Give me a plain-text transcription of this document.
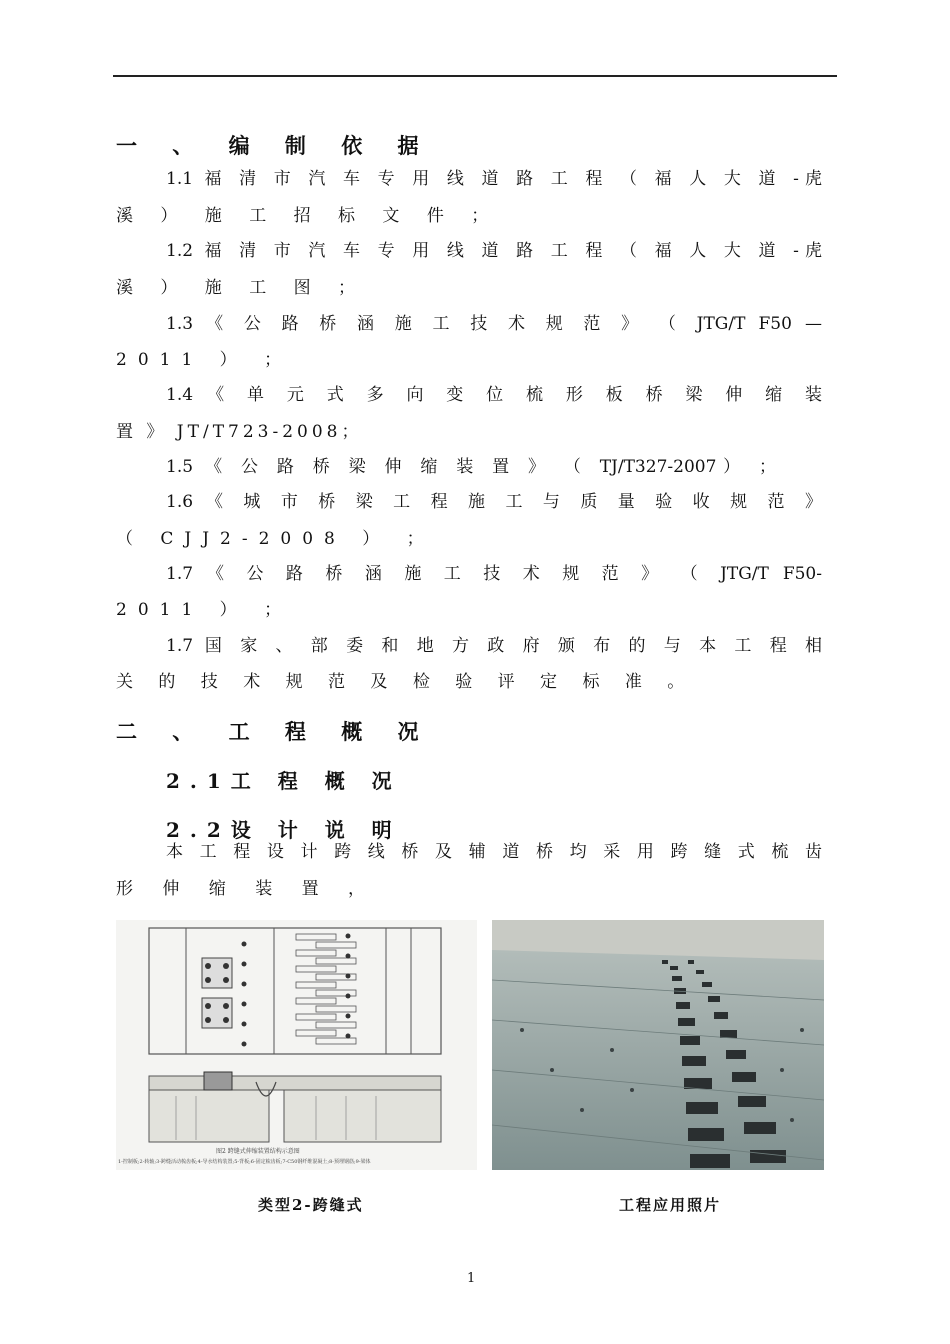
一 、 编 制 依 据
1.1 福 清 市 汽 车 专 用 线 道 路 工 程 （ 福 人 大 道 -虎
溪 ） 施 工 招 标 文 件 ；
1.2 福 清 市 汽 车 专 用 线 道 路 工 程 （ 福 人 大 道 -虎
溪 ） 施 工 图 ；
1.3 《 公 路 桥 涵 施 工 技 术 规 范 》 （ JTG/T F50 —
2011 ） ；
1.4 《 单 元 式 多 向 变 位 梳 形 板 桥 梁 伸 缩 装
置 》 JT/T723-2008；
1.5 《 公 路 桥 梁 伸 缩 装 置 》 （ TJ/T327-2007） ；
1.6 《 城 市 桥 梁 工 程 施 工 与 质 量 验 收 规 范 》
（ CJJ2-2008 ） ；
1.7 《 公 路 桥 涵 施 工 技 术 规 范 》 （ JTG/T F50-
2011 ） ；
1.7 国 家 、 部 委 和 地 方 政 府 颁 布 的 与 本 工 程 相
关 的 技 术 规 范 及 检 验 评 定 标 准 。
二 、 工 程 概 况
2.1工 程 概 况
2.2设 计 说 明
本 工 程 设 计 跨 线 桥 及 辅 道 桥 均 采 用 跨 缝 式 梳 齿
形 伸 缩 装 置 ，
图2 跨缝式伸缩装置结构示意图
1-控制板;2-转轴;3-跨缝活动梳齿板;4-导水结构装置;5-背板;6-固定梳齿板;7-C50钢纤维混凝土;8-预埋钢筋;9-梁体
类型2-跨缝式	工程应用照片
1
